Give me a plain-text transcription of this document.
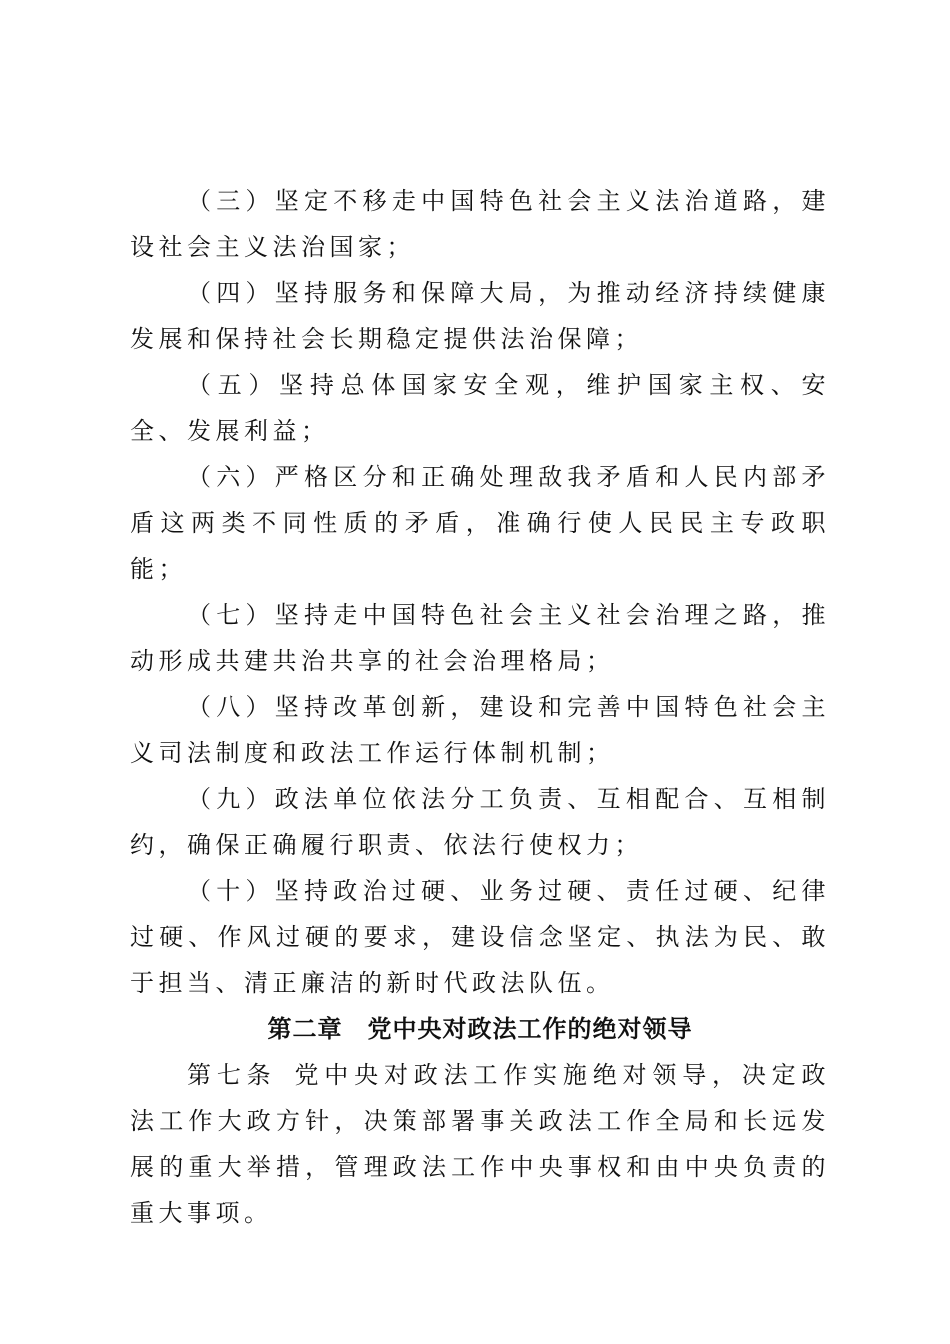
（三）坚定不移走中国特色社会主义法治道路，建设社会主义法治国家；

（四）坚持服务和保障大局，为推动经济持续健康发展和保持社会长期稳定提供法治保障；

（五）坚持总体国家安全观，维护国家主权、安全、发展利益；

（六）严格区分和正确处理敌我矛盾和人民内部矛盾这两类不同性质的矛盾，准确行使人民民主专政职能；

（七）坚持走中国特色社会主义社会治理之路，推动形成共建共治共享的社会治理格局；

（八）坚持改革创新，建设和完善中国特色社会主义司法制度和政法工作运行体制机制；

（九）政法单位依法分工负责、互相配合、互相制约，确保正确履行职责、依法行使权力；

（十）坚持政治过硬、业务过硬、责任过硬、纪律过硬、作风过硬的要求，建设信念坚定、执法为民、敢于担当、清正廉洁的新时代政法队伍。

第二章　党中央对政法工作的绝对领导

第七条 党中央对政法工作实施绝对领导，决定政法工作大政方针，决策部署事关政法工作全局和长远发展的重大举措，管理政法工作中央事权和由中央负责的重大事项。
